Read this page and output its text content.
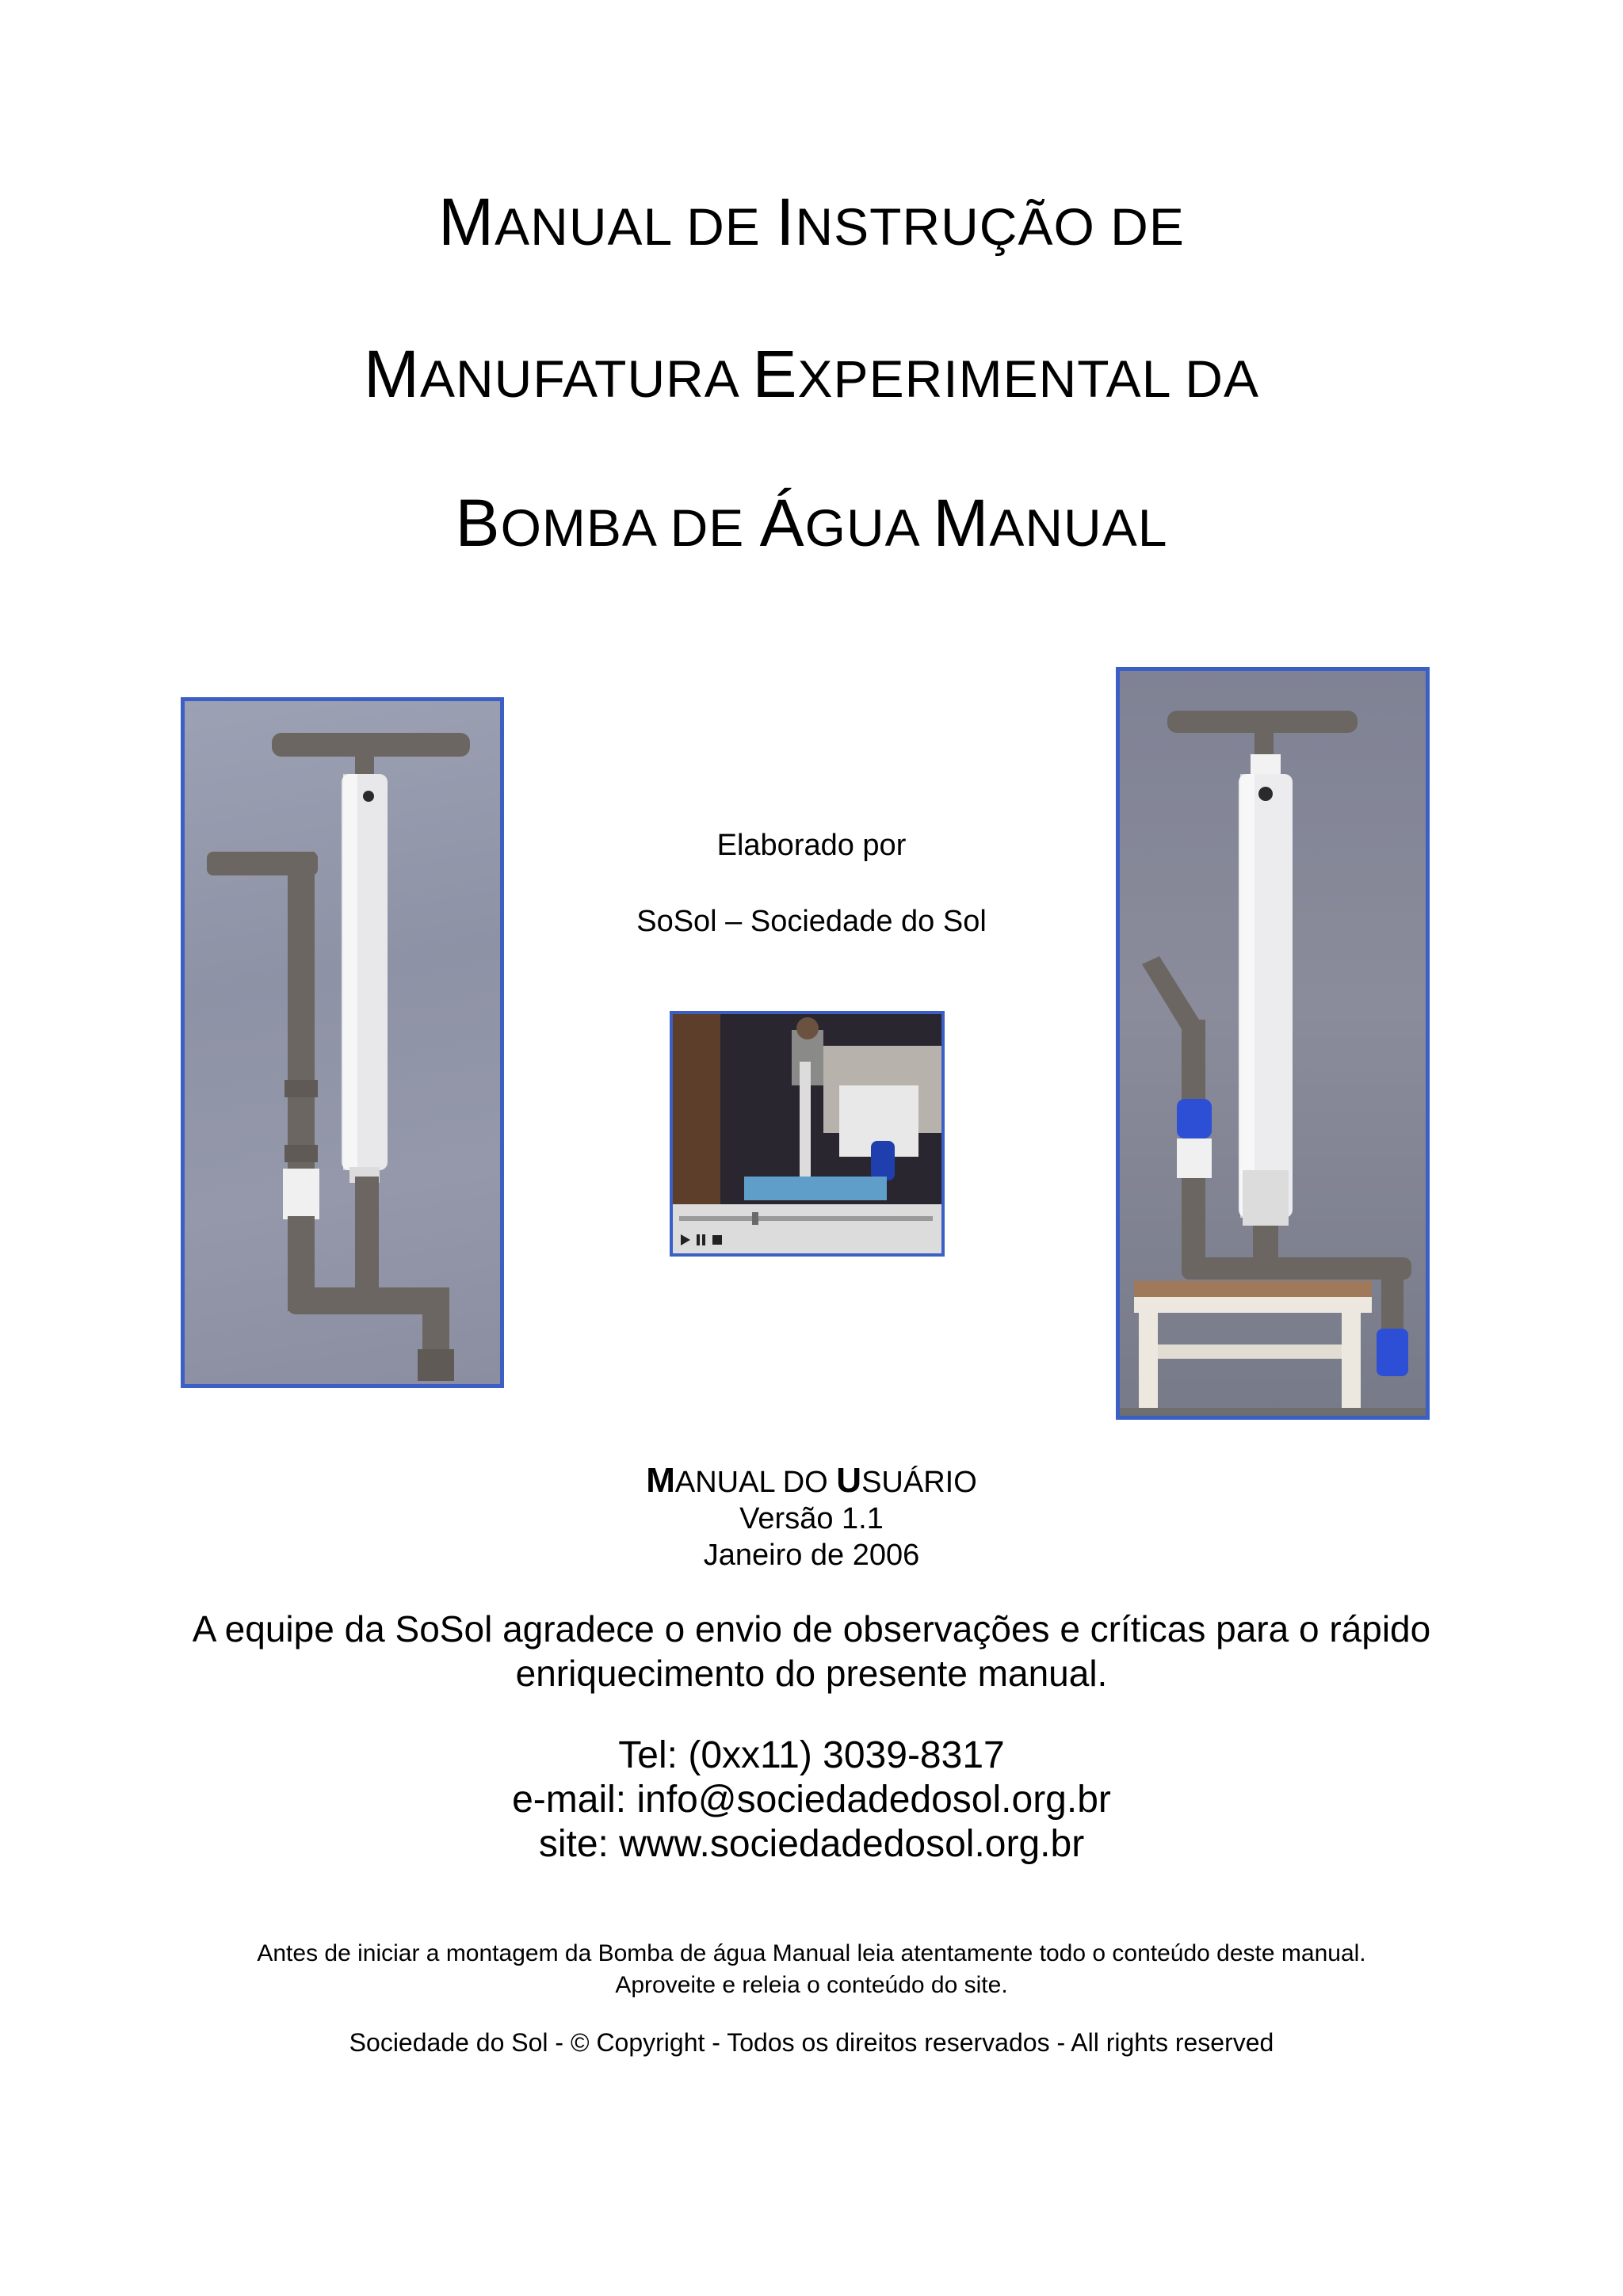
MANUAL DE INSTRUÇÃO DE
MANUFATURA EXPERIMENTAL DA
BOMBA DE ÁGUA MANUAL

Elaborado por

SoSol – Sociedade do Sol

MANUAL DO USUÁRIO

Versão 1.1

Janeiro de 2006

A equipe da SoSol agradece o envio de observações e críticas para o rápido
enriquecimento do presente manual.

Tel: (0xx11) 3039-8317
e-mail: info@sociedadedosol.org.br
site: www.sociedadedosol.org.br

Antes de iniciar a montagem da Bomba de água Manual leia atentamente todo o conteúdo deste manual.
Aproveite e releia o conteúdo do site.

Sociedade do Sol - © Copyright - Todos os direitos reservados - All rights reserved
